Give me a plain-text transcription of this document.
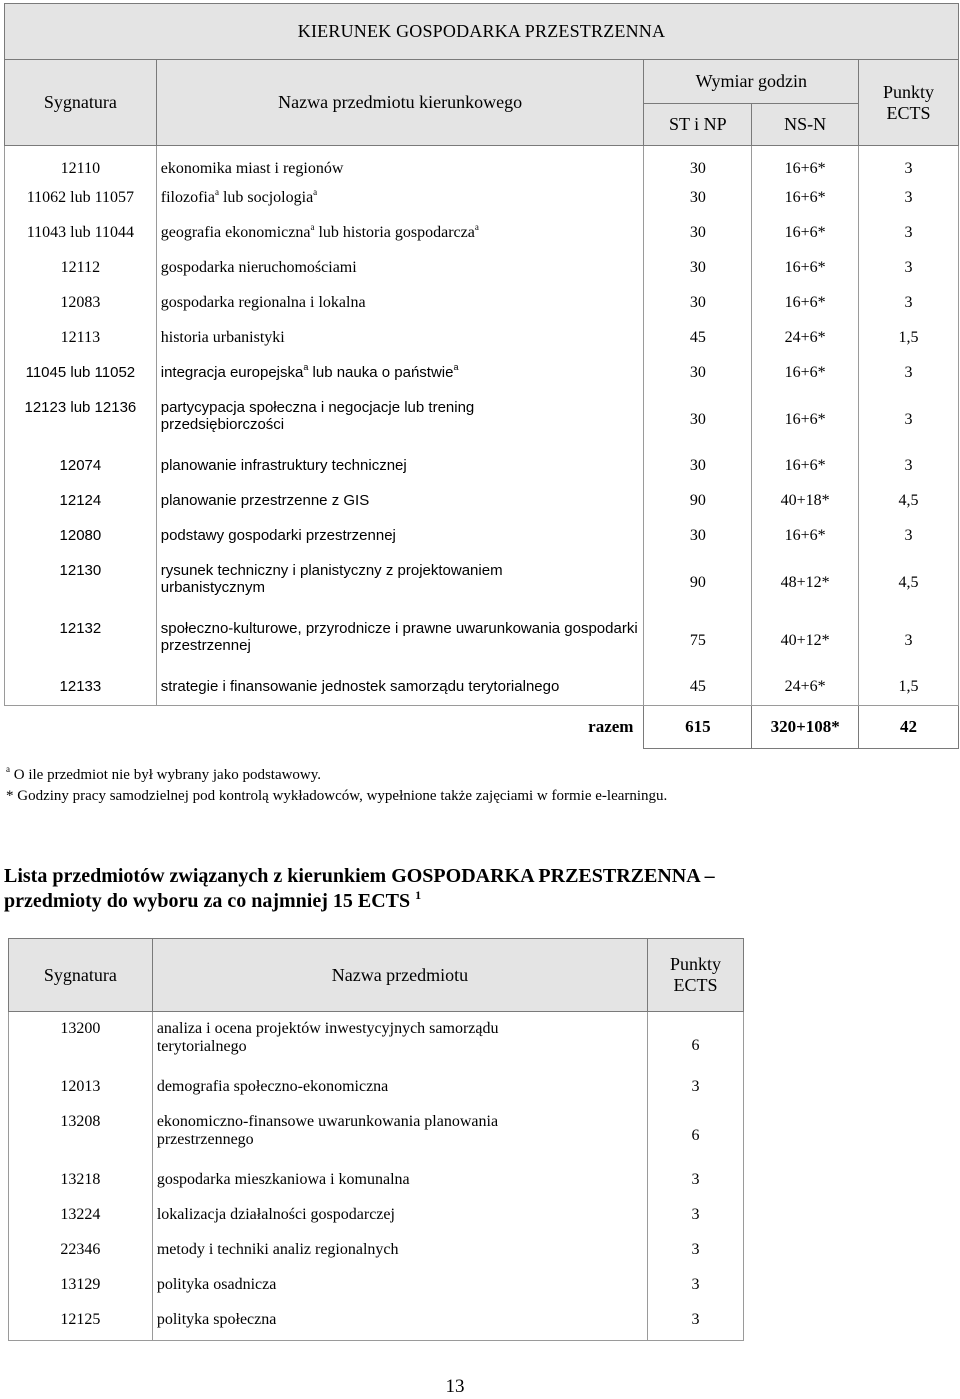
KIERUNEK GOSPODARKA PRZESTRZENNA				
Sygnatura	Nazwa przedmiotu kierunkowego	Wymiar godzin		Punkty
ECTS
		ST i NP	NS-N	
12110	ekonomika miast i regionów	30	16+6*	3
11062 lub 11057	filozofia$^a$ lub socjologia$^a$	30	16+6*	3
11043 lub 11044	geografia ekonomiczna$^a$ lub historia gospodarcza$^a$	30	16+6*	3
12112	gospodarka nieruchomościami	30	16+6*	3
12083	gospodarka regionalna i lokalna	30	16+6*	3
12113	historia urbanistyki	45	24+6*	1,5
11045 lub 11052	integracja europejska$^a$ lub nauka o państwie$^a$	30	16+6*	3
12123 lub 12136	partycypacja społeczna i negocjacje lub trening przedsiębiorczości	30	16+6*	3
12074	planowanie infrastruktury technicznej	30	16+6*	3
12124	planowanie przestrzenne z GIS	90	40+18*	4,5
12080	podstawy gospodarki przestrzennej	30	16+6*	3
12130	rysunek techniczny i planistyczny z projektowaniem urbanistycznym	90	48+12*	4,5
12132	społeczno-kulturowe, przyrodnicze i prawne uwarunkowania gospodarki przestrzennej	75	40+12*	3
12133	strategie i finansowanie jednostek samorządu terytorialnego	45	24+6*	1,5
	razem	615	320+108*	42
$^a$ O ile przedmiot nie był wybrany jako podstawowy.
* Godziny pracy samodzielnej pod kontrolą wykładowców, wypełnione także zajęciami w formie e-learningu.
Lista przedmiotów związanych z kierunkiem GOSPODARKA PRZESTRZENNA –
przedmioty do wyboru za co najmniej 15 ECTS $^1$
Sygnatura	Nazwa przedmiotu	Punkty
ECTS
13200	analiza i ocena projektów inwestycyjnych samorządu terytorialnego	6
12013	demografia społeczno-ekonomiczna	3
13208	ekonomiczno-finansowe uwarunkowania planowania przestrzennego	6
13218	gospodarka mieszkaniowa i komunalna	3
13224	lokalizacja działalności gospodarczej	3
22346	metody i techniki analiz regionalnych	3
13129	polityka osadnicza	3
12125	polityka społeczna	3
13
